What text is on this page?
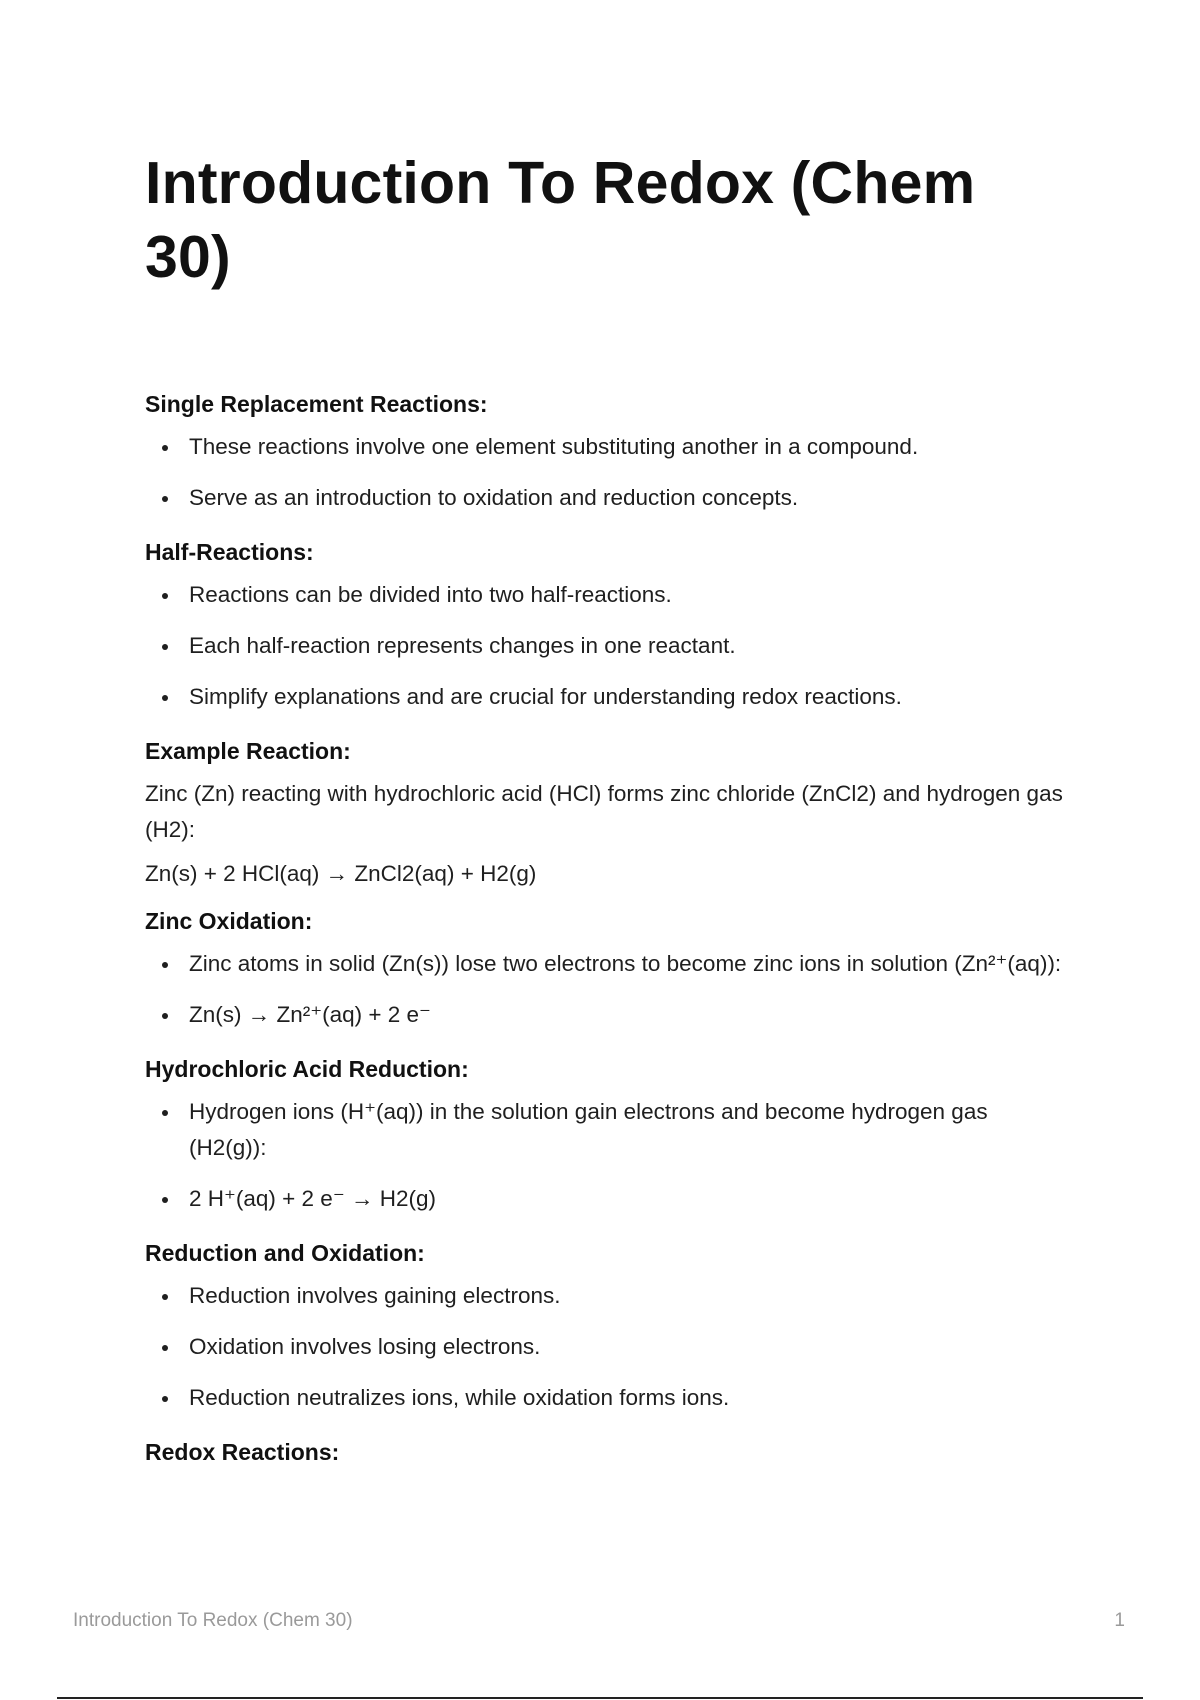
Introduction To Redox (Chem 30)
Single Replacement Reactions:
These reactions involve one element substituting another in a compound.
Serve as an introduction to oxidation and reduction concepts.
Half-Reactions:
Reactions can be divided into two half-reactions.
Each half-reaction represents changes in one reactant.
Simplify explanations and are crucial for understanding redox reactions.
Example Reaction:

Zinc (Zn) reacting with hydrochloric acid (HCl) forms zinc chloride (ZnCl2) and hydrogen gas (H2):

Zn(s) + 2 HCl(aq) → ZnCl2(aq) + H2(g)

Zinc Oxidation:
Zinc atoms in solid (Zn(s)) lose two electrons to become zinc ions in solution (Zn²⁺(aq)):
Zn(s) → Zn²⁺(aq) + 2 e⁻
Hydrochloric Acid Reduction:
Hydrogen ions (H⁺(aq)) in the solution gain electrons and become hydrogen gas (H2(g)):
2 H⁺(aq) + 2 e⁻ → H2(g)
Reduction and Oxidation:
Reduction involves gaining electrons.
Oxidation involves losing electrons.
Reduction neutralizes ions, while oxidation forms ions.
Redox Reactions:
Introduction To Redox (Chem 30)	1
